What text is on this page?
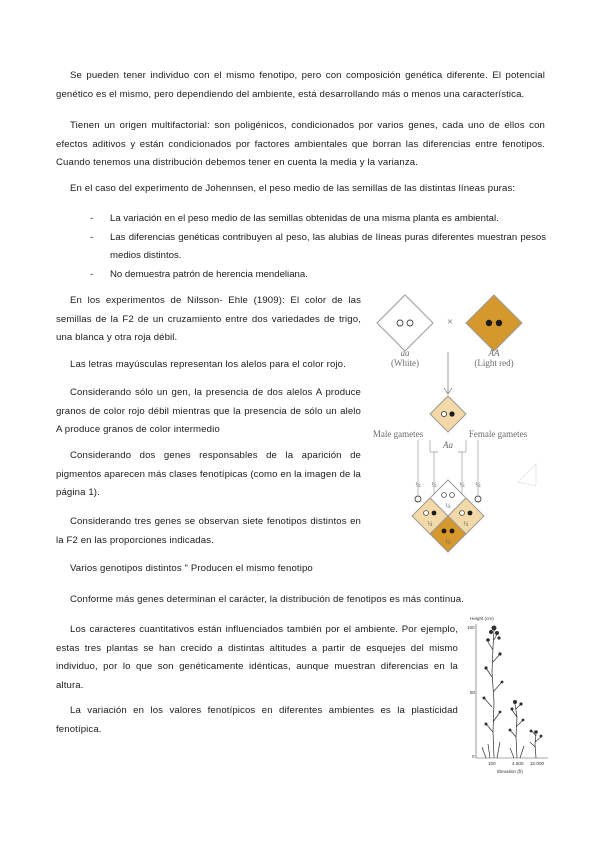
Se pueden tener individuo con el mismo fenotipo, pero con composición genética diferente. El potencial genético es el mismo, pero dependiendo del ambiente, está desarrollando más o menos una característica.

Tienen un origen multifactorial: son poligénicos, condicionados por varios genes, cada uno de ellos con efectos aditivos y están condicionados por factores ambientales que borran las diferencias entre fenotipos. Cuando tenemos una distribución debemos tener en cuenta la media y la varianza.

En el caso del experimento de Johennsen, el peso medio de las semillas de las distintas líneas puras:

- La variación en el peso medio de las semillas obtenidas de una misma planta es ambiental.
- Las diferencias genéticas contribuyen al peso, las alubias de líneas puras diferentes muestran pesos medios distintos.
- No demuestra patrón de herencia mendeliana.

En los experimentos de Nilsson- Ehle (1909): El color de las semillas de la F2 de un cruzamiento entre dos variedades de trigo, una blanca y otra roja débil.

Las letras mayúsculas representan los alelos para el color rojo.

Considerando sólo un gen, la presencia de dos alelos A produce granos de color rojo débil mientras que la presencia de sólo un alelo A produce granos de color intermedio

Considerando dos genes responsables de la aparición de pigmentos aparecen más clases fenotípicas (como en la imagen de la página 1).

Considerando tres genes se observan siete fenotipos distintos en la F2 en las proporciones indicadas.

Varios genotipos distintos " Producen el mismo fenotipo

Conforme más genes determinan el carácter, la distribución de fenotipos es más continua.

Los caracteres cuantitativos están influenciados también por el ambiente. Por ejemplo, estas tres plantas se han crecido a distintas altitudes a partir de esquejes del mismo individuo, por lo que son genéticamente idénticas, aunque muestran diferencias en la altura.

La variación en los valores fenotípicos en diferentes ambientes es la plasticidad fenotípica.

aa
(White)
×
AA
(Light red)
Male gametes	Female gametes
Aa
½ ½	½ ½
¼
¼	¼
¼
Height (cm)
100
50
0
100	4.500 10.000
Elevation (ft)
